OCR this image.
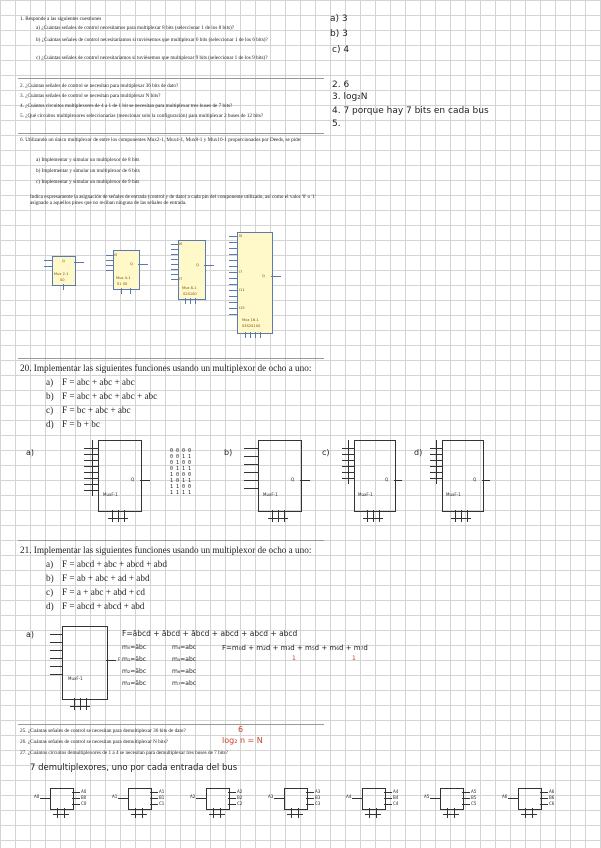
1. Responde a las siguientes cuestiones
a) ¿Cuántas señales de control necesitamos para multiplexar 8 bits (seleccionar 1 de los 8 bits)?
b) ¿Cuántas señales de control necesitaríamos si tuviésemos que multiplexar 6 bits (seleccionar 1 de los 6 bits)?
c) ¿Cuántas señales de control necesitaríamos si tuviésemos que multiplexar 9 bits (seleccionar 1 de los 9 bits)?
2. ¿Cuántas señales de control se necesitan para multiplexar 36 bits de dato?
3. ¿Cuántas señales de control se necesitan para multiplexar N bits?
4. ¿Cuántos circuitos multiplexores de 4 a 1 de 1 bit se necesitan para multiplexar tres buses de 7 bits?
5. ¿Qué circuitos multiplexores seleccionarías (mencionar solo la configuración) para multiplexar 2 buses de 12 bits?
6. Utilizando un único multiplexor de entre los componentes Mux2-1, Mux4-1, Mux8-1 y Mux16-1 proporcionados por Deeds, se pide:
a) Implementar y simular un multiplexor de 8 bits
b) Implementar y simular un multiplexor de 6 bits
c) Implementar y simular un multiplexor de 9 bits
Indica expresamente la asignación de señales de entrada (control y de dato) a cada pin del componente utilizado, así como el valor '0' o '1' asignado a aquellos pines que no reciban ninguna de las señales de entrada.
a) 3
b) 3
c) 4
2. 6
3. log₂N
4. 7 porque hay 7 bits en cada bus
5.
Q
Mux 2-1
S0
I0
Q
Mux 4-1
S1 S0
I0
I7
Q
Mux 8-1
S2S1S0
I0
I7
I11
I15
Q
Mux 16-1
S3S2S1S0
20. Implementar las siguientes funciones usando un multiplexor de ocho a uno:
a) F = abc + abc + abc
b) F = abc + abc + abc + abc
c) F = bc + abc + abc
d) F = b + bc
a)
Q
MuxF-1
0 0 0 0
0 0 1 1
0 1 0 0
0 1 1 1
1 0 0 0
1 0 1 1
1 1 0 0
1 1 1 1
b)
Q
MuxF-1
c)
Q
MuxF-1
d)
Q
MuxF-1
21. Implementar las siguientes funciones usando un multiplexor de ocho a uno:
a) F = abcd + abc + abcd + abd
b) F = ab + abc + ad + abd
c) F = a + abc + abd + cd
d) F = abcd + abcd + abd
a)
F
MuxF-1
F=ābcd + ābcd + ābcd + abcd + abcd + abcd
m₀=ābc
m₁=ābc
m₂=ābc
m₃=ābc
m₄=abc
m₅=abc
m₆=abc
m₇=abc
F=m₀d + m₂d + m₃d + m₅d + m₆d + m₇d
1	1
25. ¿Cuántas señales de control se necesitan para demultiplexar 36 bits de dato?	6
26. ¿Cuántas señales de control se necesitan para demultiplexar N bits?	log₂ n = N
27. ¿Cuántos circuitos demultiplexores de 1 a 4 se necesitan para demultiplexar tres buses de 7 bits?
7 demultiplexores, uno por cada entrada del bus
A0
A0
B0
C0
A1
A1
B1
C1
A2
A2
B2
C2
A3
A3
B3
C3
A4
A4
B4
C4
A5
A5
B5
C5
A6
A6
B6
C6
